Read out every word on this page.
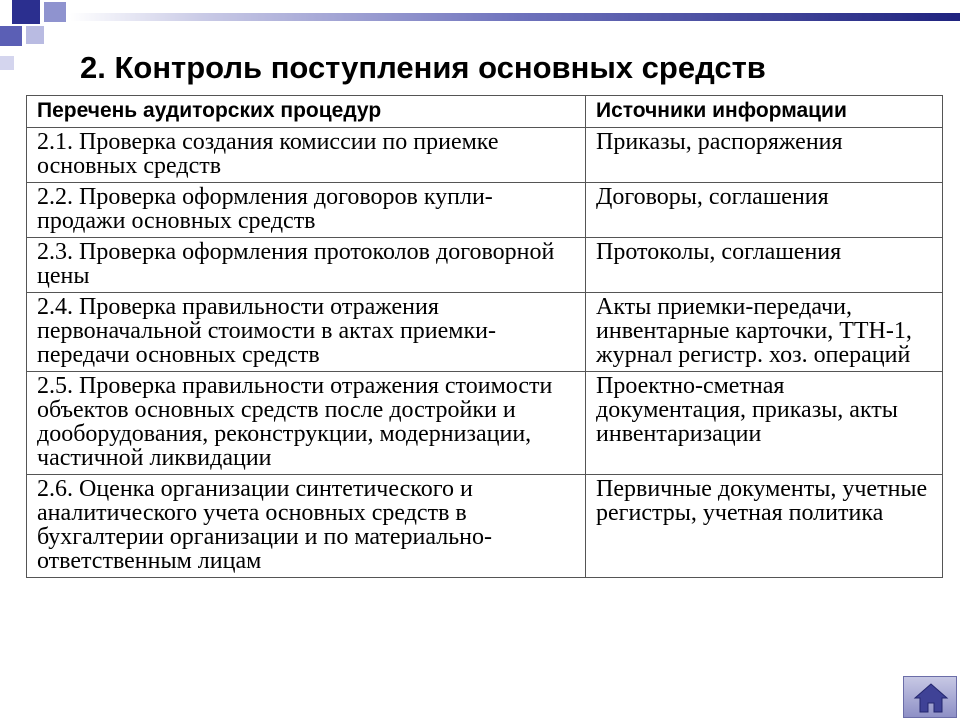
2. Контроль поступления основных средств
Перечень аудиторских процедур	Источники информации
2.1. Проверка создания комиссии по приемке основных средств	Приказы, распоряжения
2.2. Проверка оформления договоров купли-продажи основных средств	Договоры, соглашения
2.3. Проверка оформления протоколов договорной цены	Протоколы, соглашения
2.4. Проверка правильности отражения первоначальной стоимости в актах приемки-передачи основных средств	Акты приемки-передачи, инвентарные карточки, ТТН-1, журнал регистр. хоз. операций
2.5. Проверка правильности отражения стоимости объектов основных средств после достройки и дооборудования, реконструкции, модернизации, частичной ликвидации	Проектно-сметная документация, приказы, акты инвентаризации
2.6. Оценка организации синтетического и аналитического учета основных средств в бухгалтерии организации и по материально-ответственным лицам	Первичные документы, учетные регистры, учетная политика
